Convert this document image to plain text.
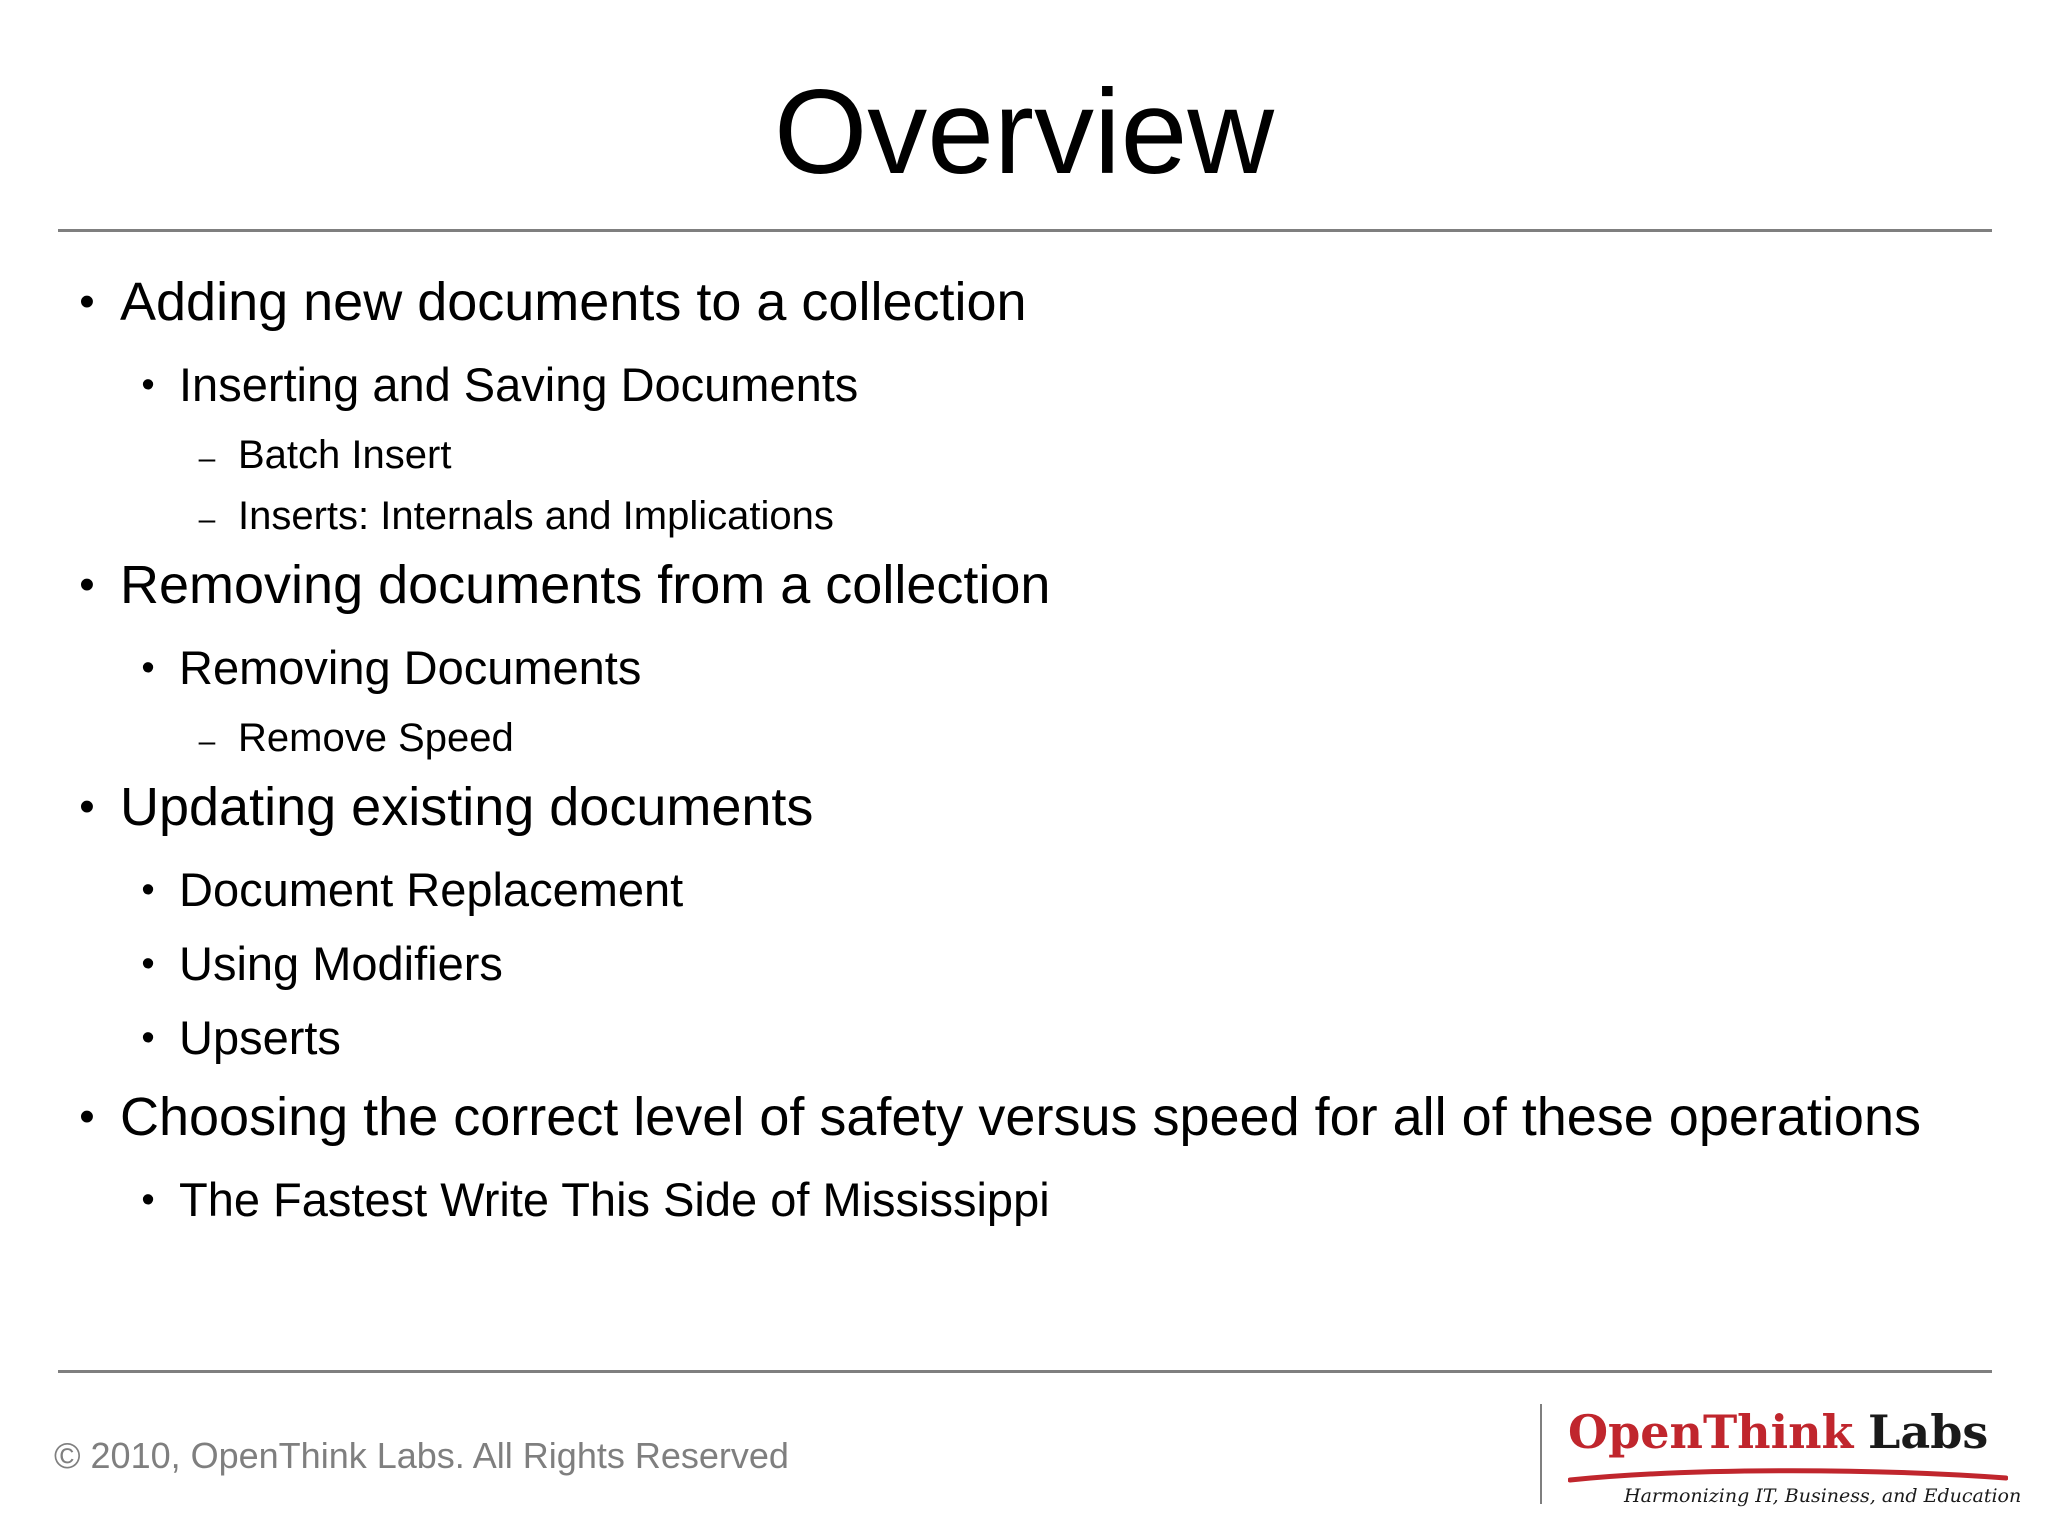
Overview
• Adding new documents to a collection
• Inserting and Saving Documents
– Batch Insert
– Inserts: Internals and Implications
• Removing documents from a collection
• Removing Documents
– Remove Speed
• Updating existing documents
• Document Replacement
• Using Modifiers
• Upserts
• Choosing the correct level of safety versus speed for all of these operations
• The Fastest Write This Side of Mississippi
© 2010, OpenThink Labs. All Rights Reserved	OpenThink Labs
Harmonizing IT, Business, and Education
